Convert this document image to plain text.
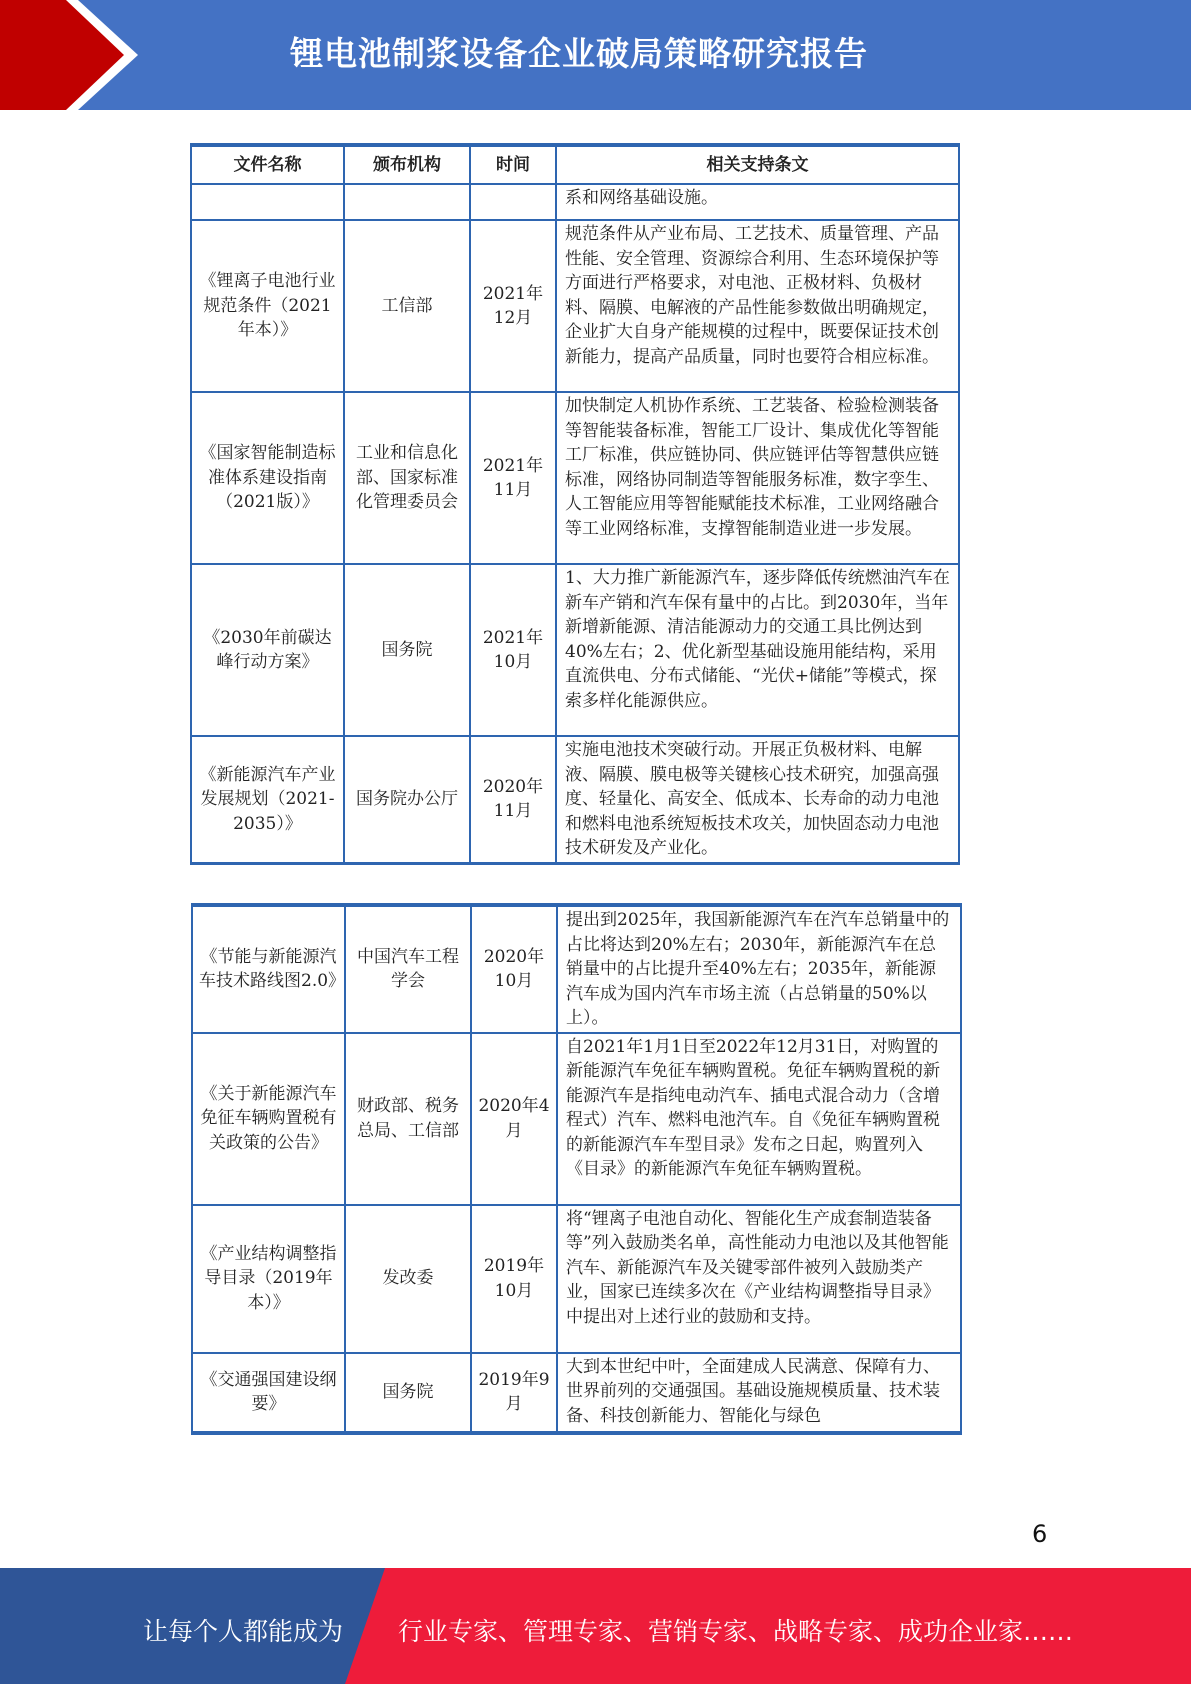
锂电池制浆设备企业破局策略研究报告
文件名称	颁布机构	时间	相关支持条文
			系和网络基础设施。
《锂离子电池行业规范条件（2021年本）》	工信部	2021年12月	规范条件从产业布局、工艺技术、质量管理、产品性能、安全管理、资源综合利用、生态环境保护等方面进行严格要求，对电池、正极材料、负极材料、隔膜、电解液的产品性能参数做出明确规定，企业扩大自身产能规模的过程中，既要保证技术创新能力，提高产品质量，同时也要符合相应标准。
《国家智能制造标准体系建设指南（2021版）》	工业和信息化部、国家标准化管理委员会	2021年11月	加快制定人机协作系统、工艺装备、检验检测装备等智能装备标准，智能工厂设计、集成优化等智能工厂标准，供应链协同、供应链评估等智慧供应链标准，网络协同制造等智能服务标准，数字孪生、人工智能应用等智能赋能技术标准，工业网络融合等工业网络标准，支撑智能制造业进一步发展。
《2030年前碳达峰行动方案》	国务院	2021年10月	1、大力推广新能源汽车，逐步降低传统燃油汽车在新车产销和汽车保有量中的占比。到2030年，当年新增新能源、清洁能源动力的交通工具比例达到40%左右；2、优化新型基础设施用能结构，采用直流供电、分布式储能、“光伏+储能”等模式，探索多样化能源供应。
《新能源汽车产业发展规划（2021-2035）》	国务院办公厅	2020年11月	实施电池技术突破行动。开展正负极材料、电解液、隔膜、膜电极等关键核心技术研究，加强高强度、轻量化、高安全、低成本、长寿命的动力电池和燃料电池系统短板技术攻关，加快固态动力电池技术研发及产业化。
《节能与新能源汽车技术路线图2.0》	中国汽车工程学会	2020年10月	提出到2025年，我国新能源汽车在汽车总销量中的占比将达到20%左右；2030年，新能源汽车在总销量中的占比提升至40%左右；2035年，新能源汽车成为国内汽车市场主流（占总销量的50%以上）。
《关于新能源汽车免征车辆购置税有关政策的公告》	财政部、税务总局、工信部	2020年4月	自2021年1月1日至2022年12月31日，对购置的新能源汽车免征车辆购置税。免征车辆购置税的新能源汽车是指纯电动汽车、插电式混合动力（含增程式）汽车、燃料电池汽车。自《免征车辆购置税的新能源汽车车型目录》发布之日起，购置列入《目录》的新能源汽车免征车辆购置税。
《产业结构调整指导目录（2019年本）》	发改委	2019年10月	将“锂离子电池自动化、智能化生产成套制造装备等”列入鼓励类名单，高性能动力电池以及其他智能汽车、新能源汽车及关键零部件被列入鼓励类产业，国家已连续多次在《产业结构调整指导目录》中提出对上述行业的鼓励和支持。
《交通强国建设纲要》	国务院	2019年9月	大到本世纪中叶，全面建成人民满意、保障有力、世界前列的交通强国。基础设施规模质量、技术装备、科技创新能力、智能化与绿色
6
让每个人都能成为 行业专家、管理专家、营销专家、战略专家、成功企业家……
